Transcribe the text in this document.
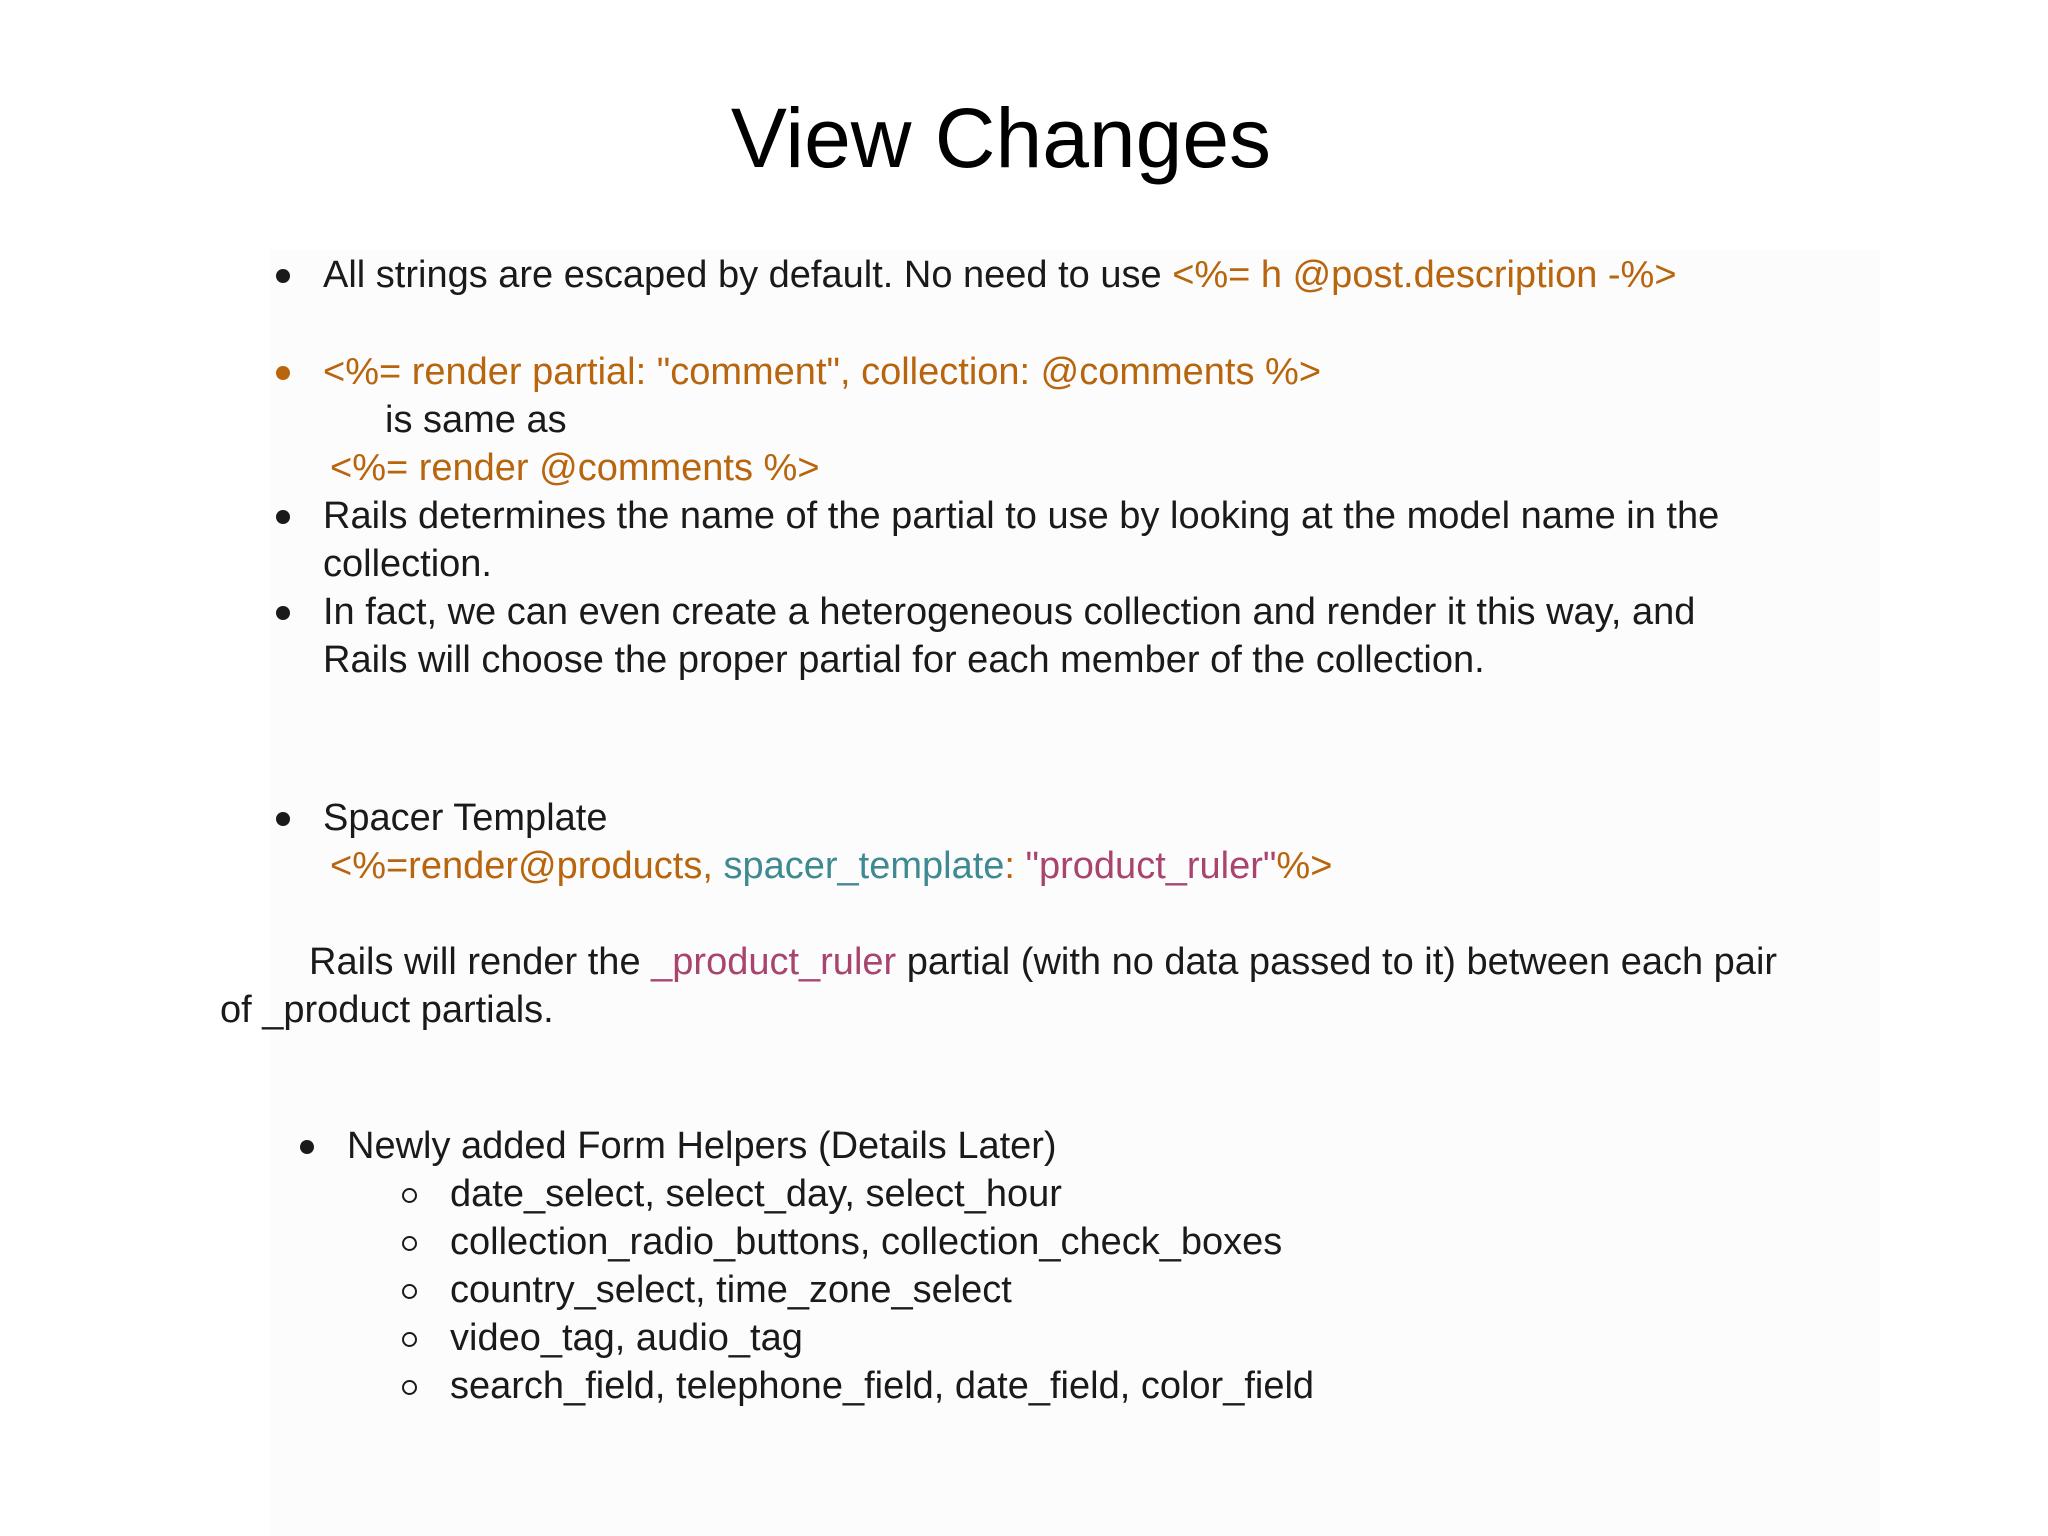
View Changes
All strings are escaped by default. No need to use <%= h @post.description -%>
<%= render partial: "comment", collection: @comments %>
is same as
<%= render @comments %>
Rails determines the name of the partial to use by looking at the model name in the
collection.
In fact, we can even create a heterogeneous collection and render it this way, and
Rails will choose the proper partial for each member of the collection.
Spacer Template
<%=render@products, spacer_template: "product_ruler"%>
Rails will render the _product_ruler partial (with no data passed to it) between each pair
of _product partials.
Newly added Form Helpers (Details Later)
date_select, select_day, select_hour
collection_radio_buttons, collection_check_boxes
country_select, time_zone_select
video_tag, audio_tag
search_field, telephone_field, date_field, color_field
